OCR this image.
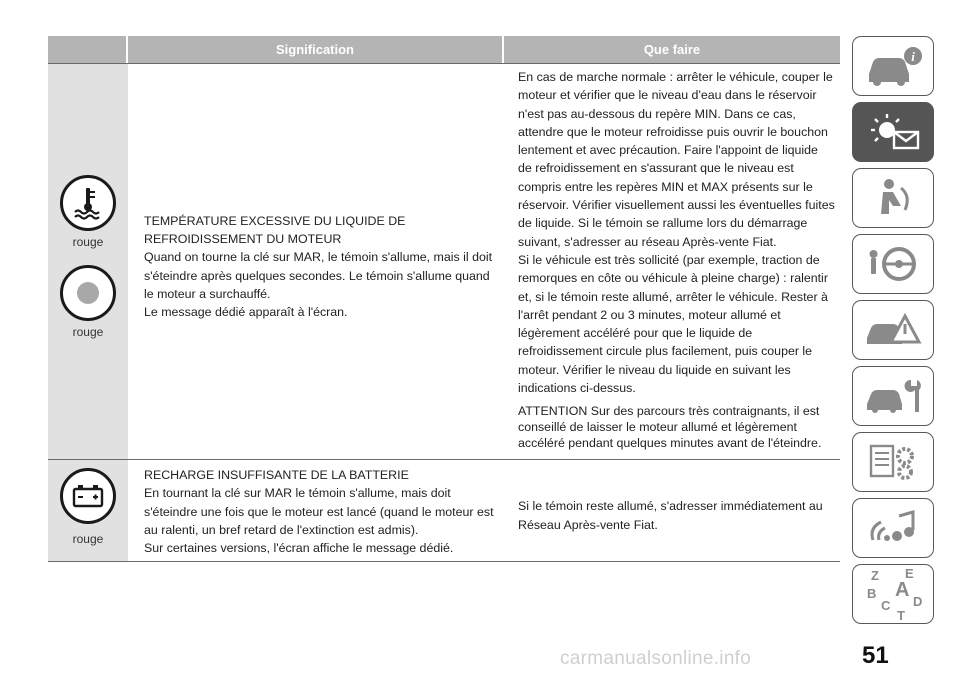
Signification	Que faire
rouge
rouge
TEMPÉRATURE EXCESSIVE DU LIQUIDE DE
REFROIDISSEMENT DU MOTEUR
Quand on tourne la clé sur MAR, le témoin s'allume, mais il doit
s'éteindre après quelques secondes. Le témoin s'allume quand
le moteur a surchauffé.
Le message dédié apparaît à l'écran.
En cas de marche normale : arrêter le véhicule, couper le
moteur et vérifier que le niveau d'eau dans le réservoir
n'est pas au-dessous du repère MIN. Dans ce cas,
attendre que le moteur refroidisse puis ouvrir le bouchon
lentement et avec précaution. Faire l'appoint de liquide
de refroidissement en s'assurant que le niveau est
compris entre les repères MIN et MAX présents sur le
réservoir. Vérifier visuellement aussi les éventuelles fuites
de liquide. Si le témoin se rallume lors du démarrage
suivant, s'adresser au réseau Après-vente Fiat.
Si le véhicule est très sollicité (par exemple, traction de
remorques en côte ou véhicule à pleine charge) : ralentir
et, si le témoin reste allumé, arrêter le véhicule. Rester à
l'arrêt pendant 2 ou 3 minutes, moteur allumé et
légèrement accéléré pour que le liquide de
refroidissement circule plus facilement, puis couper le
moteur. Vérifier le niveau du liquide en suivant les
indications ci-dessus.
ATTENTION Sur des parcours très contraignants, il est
conseillé de laisser le moteur allumé et légèrement
accéléré pendant quelques minutes avant de l'éteindre.
rouge
RECHARGE INSUFFISANTE DE LA BATTERIE
En tournant la clé sur MAR le témoin s'allume, mais doit
s'éteindre une fois que le moteur est lancé (quand le moteur est
au ralenti, un bref retard de l'extinction est admis).
Sur certaines versions, l'écran affiche le message dédié.
Si le témoin reste allumé, s'adresser immédiatement au
Réseau Après-vente Fiat.
i
Z E
B A
C D
T
carmanualsonline.info	51
